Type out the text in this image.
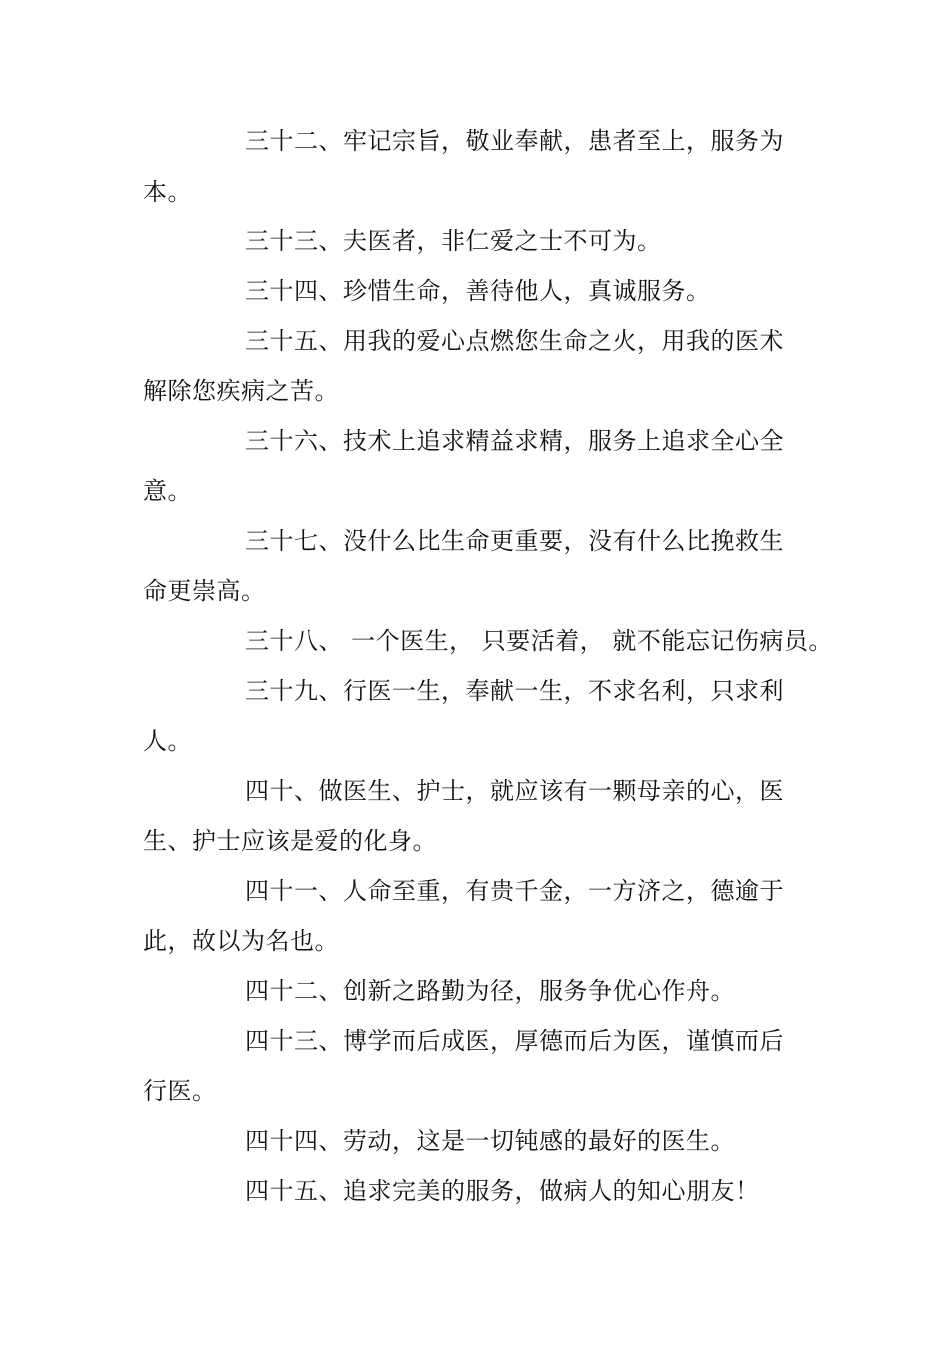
三十二、牢记宗旨，敬业奉献，患者至上，服务为
本。
三十三、夫医者，非仁爱之士不可为。
三十四、珍惜生命，善待他人，真诚服务。
三十五、用我的爱心点燃您生命之火，用我的医术
解除您疾病之苦。
三十六、技术上追求精益求精，服务上追求全心全
意。
三十七、没什么比生命更重要，没有什么比挽救生
命更崇高。
三十八、 一个医生， 只要活着， 就不能忘记伤病员。
三十九、行医一生，奉献一生，不求名利，只求利
人。
四十、做医生、护士，就应该有一颗母亲的心，医
生、护士应该是爱的化身。
四十一、人命至重，有贵千金，一方济之，德逾于
此，故以为名也。
四十二、创新之路勤为径，服务争优心作舟。
四十三、博学而后成医，厚德而后为医，谨慎而后
行医。
四十四、劳动，这是一切钝感的最好的医生。
四十五、追求完美的服务，做病人的知心朋友！
